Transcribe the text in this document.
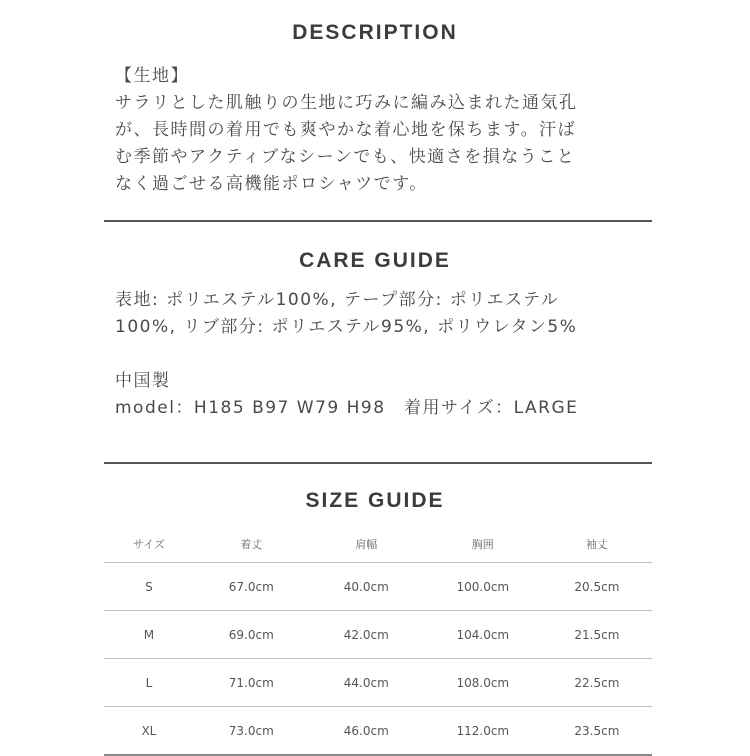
DESCRIPTION
【生地】
サラリとした肌触りの生地に巧みに編み込まれた通気孔
が、長時間の着用でも爽やかな着心地を保ちます。汗ば
む季節やアクティブなシーンでも、快適さを損なうこと
なく過ごせる高機能ポロシャツです。
CARE GUIDE
表地: ポリエステル100%, テープ部分: ポリエステル
100%, リブ部分: ポリエステル95%, ポリウレタン5%
中国製
model：H185 B97 W79 H98　着用サイズ：LARGE
SIZE GUIDE
サイズ	着丈	肩幅	胸囲	袖丈
S	67.0cm	40.0cm	100.0cm	20.5cm
M	69.0cm	42.0cm	104.0cm	21.5cm
L	71.0cm	44.0cm	108.0cm	22.5cm
XL	73.0cm	46.0cm	112.0cm	23.5cm
